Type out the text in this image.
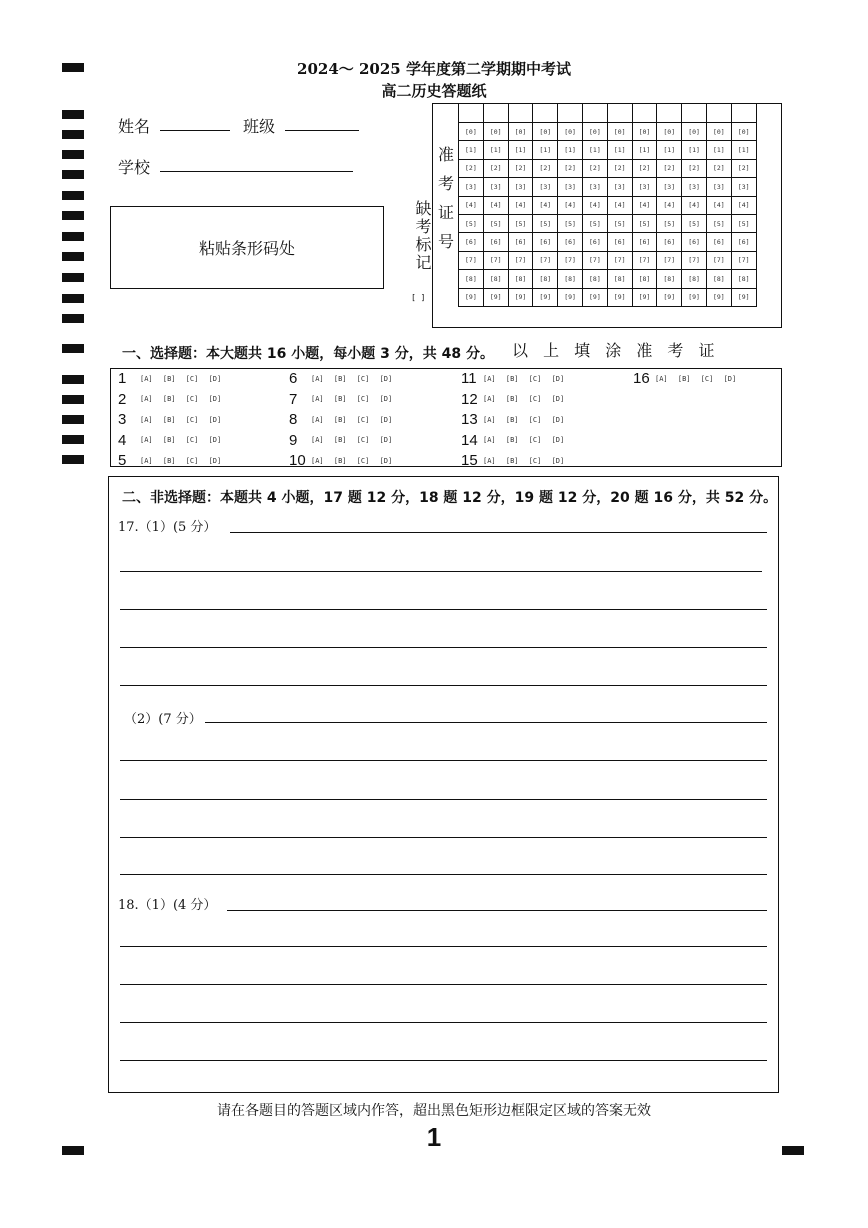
2024～ 2025 学年度第二学期期中考试
高二历史答题纸
姓名	班级
学校
粘贴条形码处	缺考标记
[ ]
准
考
证
号

[0]	[0]	[0]	[0]	[0]	[0]	[0]	[0]	[0]	[0]	[0]	[0]
[1]	[1]	[1]	[1]	[1]	[1]	[1]	[1]	[1]	[1]	[1]	[1]
[2]	[2]	[2]	[2]	[2]	[2]	[2]	[2]	[2]	[2]	[2]	[2]
[3]	[3]	[3]	[3]	[3]	[3]	[3]	[3]	[3]	[3]	[3]	[3]
[4]	[4]	[4]	[4]	[4]	[4]	[4]	[4]	[4]	[4]	[4]	[4]
[5]	[5]	[5]	[5]	[5]	[5]	[5]	[5]	[5]	[5]	[5]	[5]
[6]	[6]	[6]	[6]	[6]	[6]	[6]	[6]	[6]	[6]	[6]	[6]
[7]	[7]	[7]	[7]	[7]	[7]	[7]	[7]	[7]	[7]	[7]	[7]
[8]	[8]	[8]	[8]	[8]	[8]	[8]	[8]	[8]	[8]	[8]	[8]
[9]	[9]	[9]	[9]	[9]	[9]	[9]	[9]	[9]	[9]	[9]	[9]
一、选择题：本大题共 16 小题，每小题 3 分，共 48 分。 以 上 填 涂 准 考 证
1	[A] [B] [C] [D]
2	[A] [B] [C] [D]
3	[A] [B] [C] [D]
4	[A] [B] [C] [D]
5	[A] [B] [C] [D]
6	[A] [B] [C] [D]
7	[A] [B] [C] [D]
8	[A] [B] [C] [D]
9	[A] [B] [C] [D]
10 [A] [B] [C] [D]
11 [A] [B] [C] [D]
12 [A] [B] [C] [D]
13 [A] [B] [C] [D]
14 [A] [B] [C] [D]
15 [A] [B] [C] [D]
16 [A] [B] [C] [D]
二、非选择题：本题共 4 小题，17 题 12 分，18 题 12 分，19 题 12 分，20 题 16 分，共 52 分。
17.（1）(5 分）
（2）(7 分）
18.（1）(4 分）
请在各题目的答题区域内作答，超出黑色矩形边框限定区域的答案无效
1
